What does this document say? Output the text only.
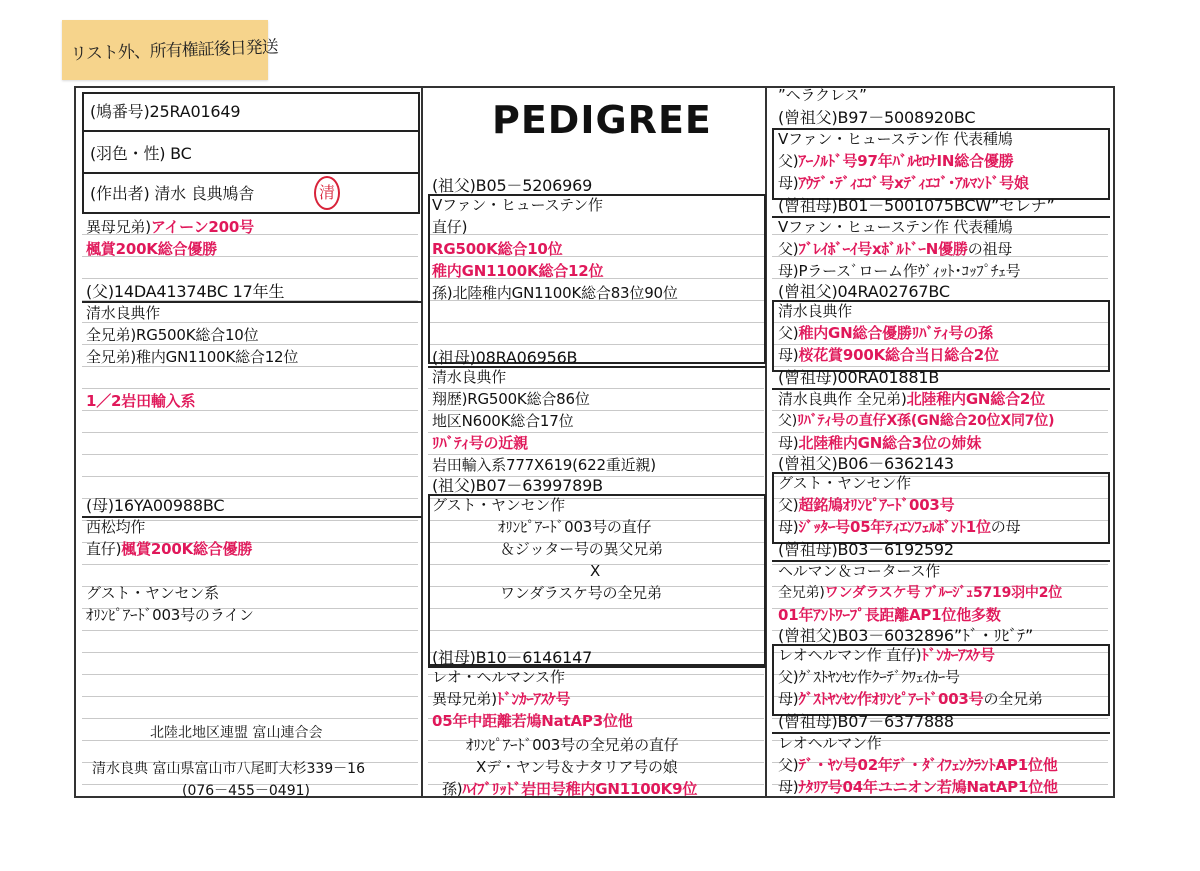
リスト外、所有権証後日発送
(鳩番号)25RA01649
(羽色・性) BC
(作出者) 清水 良典鳩舎	清
PEDIGREE
異母兄弟)アイーン200号
楓賞200K総合優勝
(父)14DA41374BC 17年生
清水良典作
全兄弟)RG500K総合10位
全兄弟)稚内GN1100K総合12位
1／2岩田輸入系
(母)16YA00988BC
西松均作
直仔)楓賞200K総合優勝
グスト・ヤンセン系
ｵﾘﾝﾋﾟｱｰﾄﾞ003号のライン
北陸北地区連盟 富山連合会
清水良典 富山県富山市八尾町大杉339－16
(076－455－0491)
(祖父)B05－5206969
Vファン・ヒューステン作
直仔)
RG500K総合10位
稚内GN1100K総合12位
孫)北陸稚内GN1100K総合83位90位
(祖母)08RA06956B
清水良典作
翔歴)RG500K総合86位
地区N600K総合17位
ﾘﾊﾞﾃｨ号の近親
岩田輸入系777X619(622重近親)
(祖父)B07－6399789B
グスト・ヤンセン作
ｵﾘﾝﾋﾟｱｰﾄﾞ003号の直仔
＆ジッター号の異父兄弟
X
ワンダラスケ号の全兄弟
(祖母)B10－6146147
レオ・ヘルマンス作
異母兄弟)ﾄﾞﾝｶｰｱｽｹ号
05年中距離若鳩NatAP3位他
ｵﾘﾝﾋﾟｱｰﾄﾞ003号の全兄弟の直仔
Xデ・ヤン号＆ナタリア号の娘
孫)ﾊｲﾌﾞﾘｯﾄﾞ岩田号稚内GN1100K9位
”ヘラクレス”
(曾祖父)B97－5008920BC
Vファン・ヒューステン作 代表種鳩
父)ｱｰﾉﾙﾄﾞ号97年ﾊﾞﾙｾﾛﾅIN総合優勝
母)ｱｳﾃﾞ･ﾃﾞｨｴｺﾞ号xﾃﾞｨｴｺﾞ･ｱﾙﾏﾝﾄﾞ号娘
(曾祖母)B01－5001075BCW”セレナ”
Vファン・ヒューステン作 代表種鳩
父)ﾌﾞﾚｲﾎﾞｰｲ号xﾎﾞﾙﾄﾞｰN優勝の祖母
母)Pラースﾞローム作ｳﾞｨｯﾄ･ｺｯﾌﾟﾁｪ号
(曾祖父)04RA02767BC
清水良典作
父)稚内GN総合優勝ﾘﾊﾞﾃｨ号の孫
母)桜花賞900K総合当日総合2位
(曾祖母)00RA01881B
清水良典作 全兄弟)北陸稚内GN総合2位
父)ﾘﾊﾞﾃｨ号の直仔X孫(GN総合20位X同7位)
母)北陸稚内GN総合3位の姉妹
(曾祖父)B06－6362143
グスト・ヤンセン作
父)超銘鳩ｵﾘﾝﾋﾟｱｰﾄﾞ003号
母)ｼﾞｯﾀｰ号05年ﾃｨｴﾝﾌｪﾙﾎﾞﾝﾄ1位の母
(曾祖母)B03－6192592
ヘルマン＆コータース作
全兄弟)ワンダラスケ号 ﾌﾞﾙｰｼﾞｭ5719羽中2位
01年ｱﾝﾄﾜｰﾌﾟ長距離AP1位他多数
(曾祖父)B03－6032896”ﾄﾞ・ﾘﾋﾞﾃ”
レオヘルマン作 直仔)ﾄﾞﾝｶｰｱｽｹ号
父)ｸﾞｽﾄﾔﾝｾﾝ作ｸｰﾃﾞｸﾜｪｲｶｰ号
母)ｸﾞｽﾄﾔﾝｾﾝ作ｵﾘﾝﾋﾟｱｰﾄﾞ003号の全兄弟
(曾祖母)B07－6377888
レオヘルマン作
父)ﾃﾞ・ﾔﾝ号02年ﾃﾞ・ﾀﾞｲﾌｪﾝｸﾗﾝﾄAP1位他
母)ﾅﾀﾘｱ号04年ユニオン若鳩NatAP1位他
